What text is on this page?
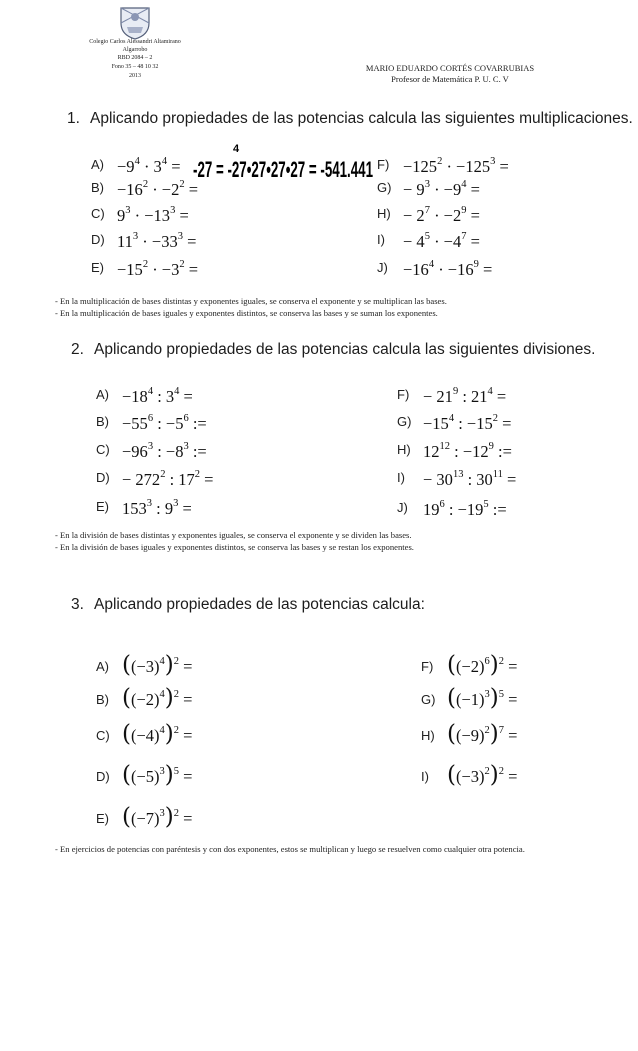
Colegio Carlos Alessandri Altamirano
Algarrobo
RBD 2084 – 2
Fono 35 – 48 10 32
2013
MARIO EDUARDO CORTÉS COVARRUBIAS
Profesor de Matemática P. U. C. V
1. Aplicando propiedades de las potencias calcula las siguientes multiplicaciones.
$A) -9^4 \cdot 3^4$ =
$B) -16^2 \cdot -2^2$ =
C) $9^3 \cdot -13^3$ =
D) $11^3 \cdot -33^3$ =
$E) -15^2 \cdot -3^2$ =
$F) -125^2 \cdot -125^3$ =
$G) - 9^3 \cdot -9^4$ =
$H) - 2^7 \cdot -2^9$ =
$I) - 4^5 \cdot -4^7$ =
$J) -16^4 \cdot -16^9$ =
4
-27 = -27•27•27•27 = -541.441
- En la multiplicación de bases distintas y exponentes iguales, se conserva el exponente y se multiplican las bases.
- En la multiplicación de bases iguales y exponentes distintos, se conserva las bases y se suman los exponentes.
2. Aplicando propiedades de las potencias calcula las siguientes divisiones.
$A) -18^4$ : $3^4$ =
$B) -55^6$ : $-5^6$ :=
$C) -96^3$ : $-8^3$ :=
$D) - 272^2$ : $17^2$ =
E) $153^3$ : $9^3$ =
$F) - 21^9$ : $21^4$ =
$G) -15^4$ : $-15^2$ =
H) $12^{12}$ : $-12^9$ :=
$I) - 30^{13}$ : $30^{11}$ =
J) $19^6$ : $-19^5$ :=
- En la división de bases distintas y exponentes iguales, se conserva el exponente y se dividen las bases.
- En la división de bases iguales y exponentes distintos, se conserva las bases y se restan los exponentes.
3. Aplicando propiedades de las potencias calcula:
A) $((-3)^4)^2$ =
B) $((-2)^4)^2$ =
C) $((-4)^4)^2$ =
D) $((-5)^3)^5$ =
E) $((-7)^3)^2$ =
F) $((-2)^6)^2$ =
G) $((-1)^3)^5$ =
H) $((-9)^2)^7$ =
I) $((-3)^2)^2$ =
- En ejercicios de potencias con paréntesis y con dos exponentes, estos se multiplican y luego se resuelven como cualquier otra potencia.
